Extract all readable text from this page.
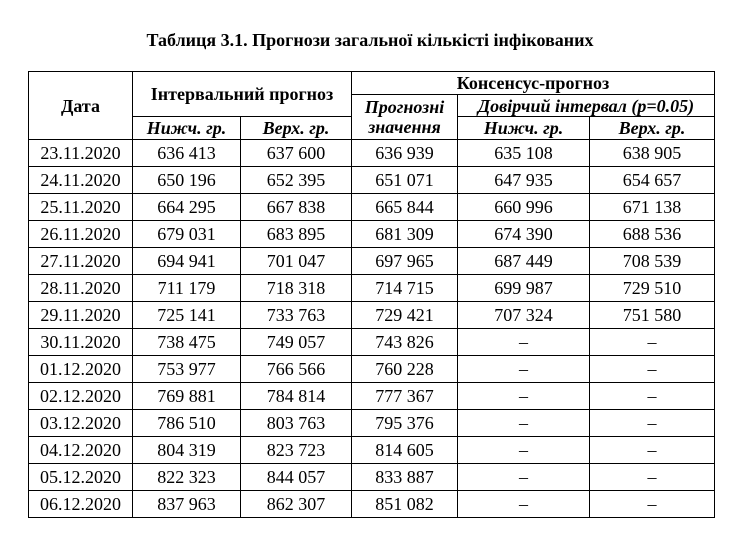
Таблиця 3.1. Прогнози загальної кількісті інфікованих
Дата	Інтервальний прогноз		Консенсус-прогноз		
			Прогнозні
значення	Довірчий інтервал (p=0.05)	
	Нижч. гр.	Верх. гр.		Нижч. гр.	Верх. гр.
23.11.2020	636 413	637 600	636 939	635 108	638 905
24.11.2020	650 196	652 395	651 071	647 935	654 657
25.11.2020	664 295	667 838	665 844	660 996	671 138
26.11.2020	679 031	683 895	681 309	674 390	688 536
27.11.2020	694 941	701 047	697 965	687 449	708 539
28.11.2020	711 179	718 318	714 715	699 987	729 510
29.11.2020	725 141	733 763	729 421	707 324	751 580
30.11.2020	738 475	749 057	743 826	–	–
01.12.2020	753 977	766 566	760 228	–	–
02.12.2020	769 881	784 814	777 367	–	–
03.12.2020	786 510	803 763	795 376	–	–
04.12.2020	804 319	823 723	814 605	–	–
05.12.2020	822 323	844 057	833 887	–	–
06.12.2020	837 963	862 307	851 082	–	–
